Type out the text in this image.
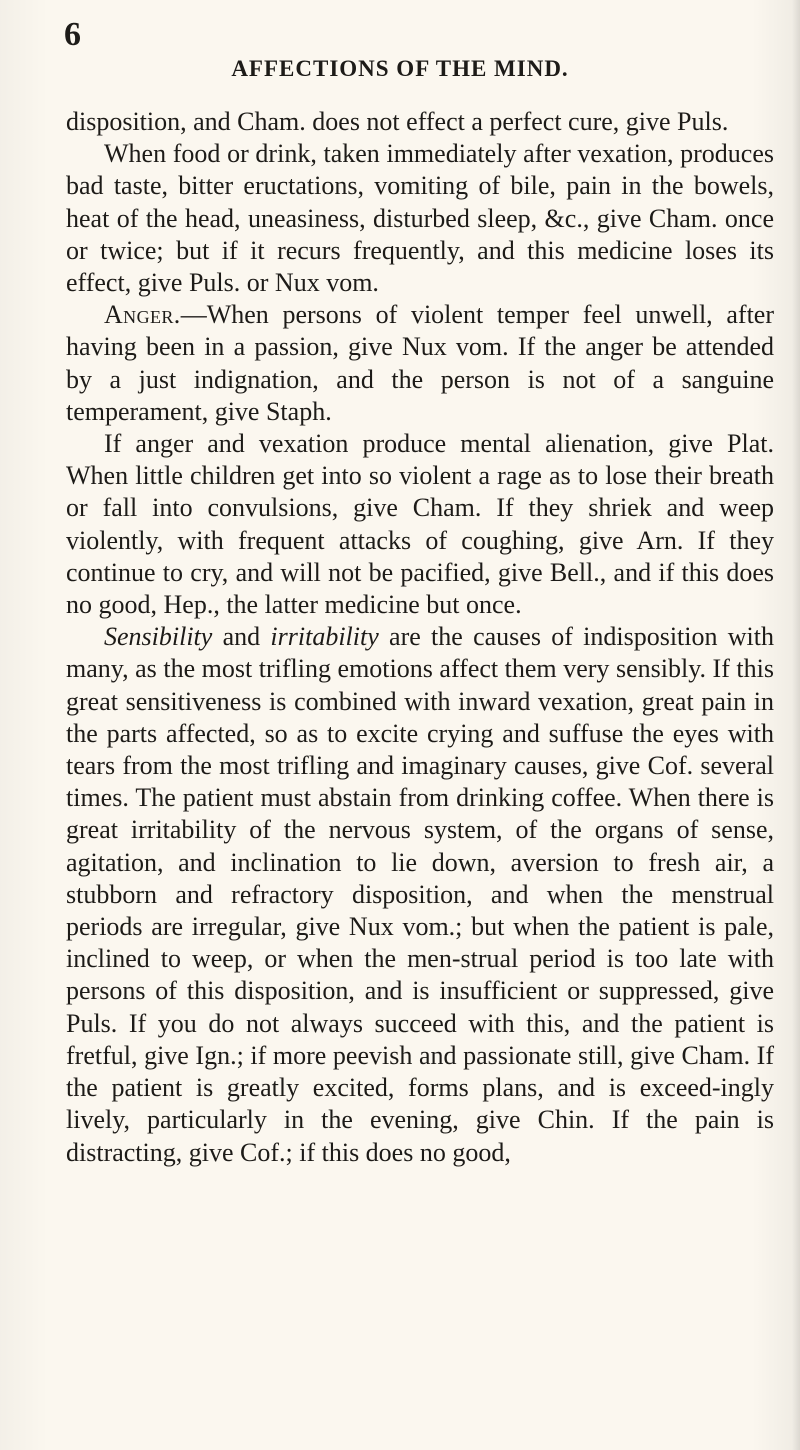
6
AFFECTIONS OF THE MIND.

disposition, and Cham. does not effect a perfect cure, give Puls.

When food or drink, taken immediately after vexation, produces bad taste, bitter eructations, vomiting of bile, pain in the bowels, heat of the head, uneasiness, disturbed sleep, &c., give Cham. once or twice; but if it recurs frequently, and this medicine loses its effect, give Puls. or Nux vom.

Anger.—When persons of violent temper feel unwell, after having been in a passion, give Nux vom. If the anger be attended by a just indignation, and the person is not of a sanguine temperament, give Staph.

If anger and vexation produce mental alienation, give Plat. When little children get into so violent a rage as to lose their breath or fall into convulsions, give Cham. If they shriek and weep violently, with frequent attacks of coughing, give Arn. If they continue to cry, and will not be pacified, give Bell., and if this does no good, Hep., the latter medicine but once.

Sensibility and irritability are the causes of indisposition with many, as the most trifling emotions affect them very sensibly. If this great sensitiveness is combined with inward vexation, great pain in the parts affected, so as to excite crying and suffuse the eyes with tears from the most trifling and imaginary causes, give Cof. several times. The patient must abstain from drinking coffee. When there is great irritability of the nervous system, of the organs of sense, agitation, and inclination to lie down, aversion to fresh air, a stubborn and refractory disposition, and when the menstrual periods are irregular, give Nux vom.; but when the patient is pale, inclined to weep, or when the men-strual period is too late with persons of this disposition, and is insufficient or suppressed, give Puls. If you do not always succeed with this, and the patient is fretful, give Ign.; if more peevish and passionate still, give Cham. If the patient is greatly excited, forms plans, and is exceed-ingly lively, particularly in the evening, give Chin. If the pain is distracting, give Cof.; if this does no good,
